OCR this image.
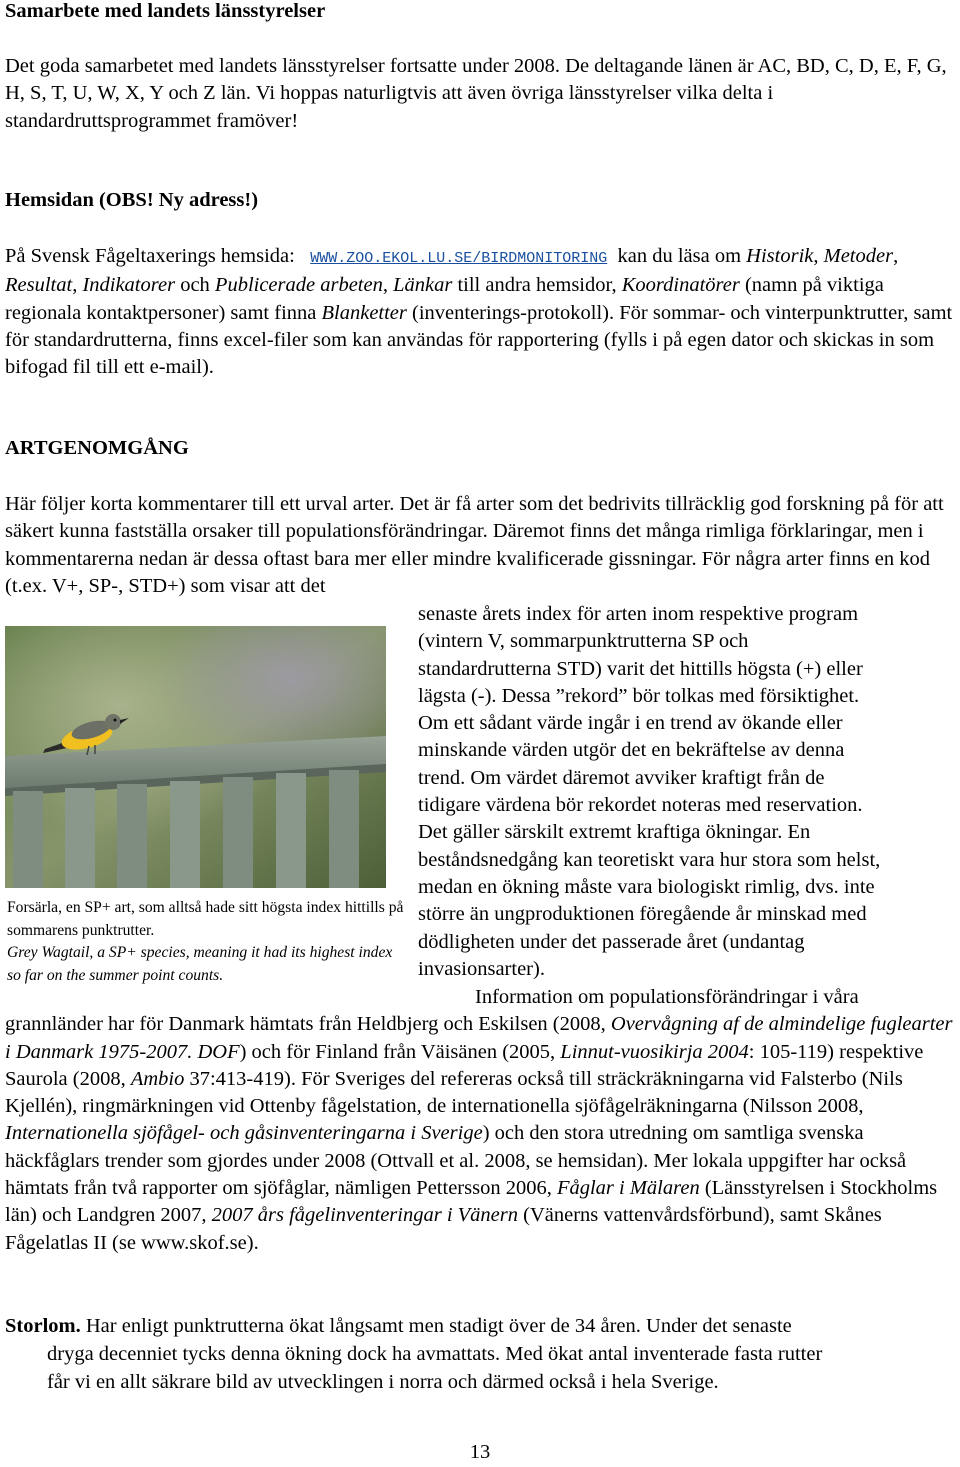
Samarbete med landets länsstyrelser

Det goda samarbetet med landets länsstyrelser fortsatte under 2008. De deltagande länen är AC, BD, C, D, E, F, G, H, S, T, U, W, X, Y och Z län. Vi hoppas naturligtvis att även övriga länsstyrelser vilka delta i standardruttsprogrammet framöver!

Hemsidan (OBS! Ny adress!)

På Svensk Fågeltaxerings hemsida: WWW.ZOO.EKOL.LU.SE/BIRDMONITORING kan du läsa om Historik, Metoder, Resultat, Indikatorer och Publicerade arbeten, Länkar till andra hemsidor, Koordinatörer (namn på viktiga regionala kontaktpersoner) samt finna Blanketter (inventerings-protokoll). För sommar- och vinterpunktrutter, samt för standardrutterna, finns excel-filer som kan användas för rapportering (fylls i på egen dator och skickas in som bifogad fil till ett e-mail).

ARTGENOMGÅNG

Här följer korta kommentarer till ett urval arter. Det är få arter som det bedrivits tillräcklig god forskning på för att säkert kunna fastställa orsaker till populationsförändringar. Däremot finns det många rimliga förklaringar, men i kommentarerna nedan är dessa oftast bara mer eller mindre kvalificerade gissningar. För några arter finns en kod (t.ex. V+, SP-, STD+) som visar att det

Forsärla, en SP+ art, som alltså hade sitt högsta index hittills på sommarens punktrutter.
Grey Wagtail, a SP+ species, meaning it had its highest index so far on the summer point counts.
senaste årets index för arten inom respektive program
(vintern V, sommarpunktrutterna SP och
standardrutterna STD) varit det hittills högsta (+) eller
lägsta (-). Dessa ”rekord” bör tolkas med försiktighet.
Om ett sådant värde ingår i en trend av ökande eller
minskande värden utgör det en bekräftelse av denna
trend. Om värdet däremot avviker kraftigt från de
tidigare värdena bör rekordet noteras med reservation.
Det gäller särskilt extremt kraftiga ökningar. En
beståndsnedgång kan teoretiskt vara hur stora som helst,
medan en ökning måste vara biologiskt rimlig, dvs. inte
större än ungproduktionen föregående år minskad med
dödligheten under det passerade året (undantag
invasionsarter).

Information om populationsförändringar i våra grannländer har för Danmark hämtats från Heldbjerg och Eskilsen (2008, Overvågning af de almindelige fuglearter i Danmark 1975-2007. DOF) och för Finland från Väisänen (2005, Linnut-vuosikirja 2004: 105-119) respektive Saurola (2008, Ambio 37:413-419). För Sveriges del refereras också till sträckräkningarna vid Falsterbo (Nils Kjellén), ringmärkningen vid Ottenby fågelstation, de internationella sjöfågelräkningarna (Nilsson 2008, Internationella sjöfågel- och gåsinventeringarna i Sverige) och den stora utredning om samtliga svenska häckfåglars trender som gjordes under 2008 (Ottvall et al. 2008, se hemsidan). Mer lokala uppgifter har också hämtats från två rapporter om sjöfåglar, nämligen Pettersson 2006, Fåglar i Mälaren (Länsstyrelsen i Stockholms län) och Landgren 2007, 2007 års fågelinventeringar i Vänern (Vänerns vattenvårdsförbund), samt Skånes Fågelatlas II (se www.skof.se).

Storlom. Har enligt punktrutterna ökat långsamt men stadigt över de 34 åren. Under det senaste
dryga decenniet tycks denna ökning dock ha avmattats. Med ökat antal inventerade fasta rutter
får vi en allt säkrare bild av utvecklingen i norra och därmed också i hela Sverige.
13
